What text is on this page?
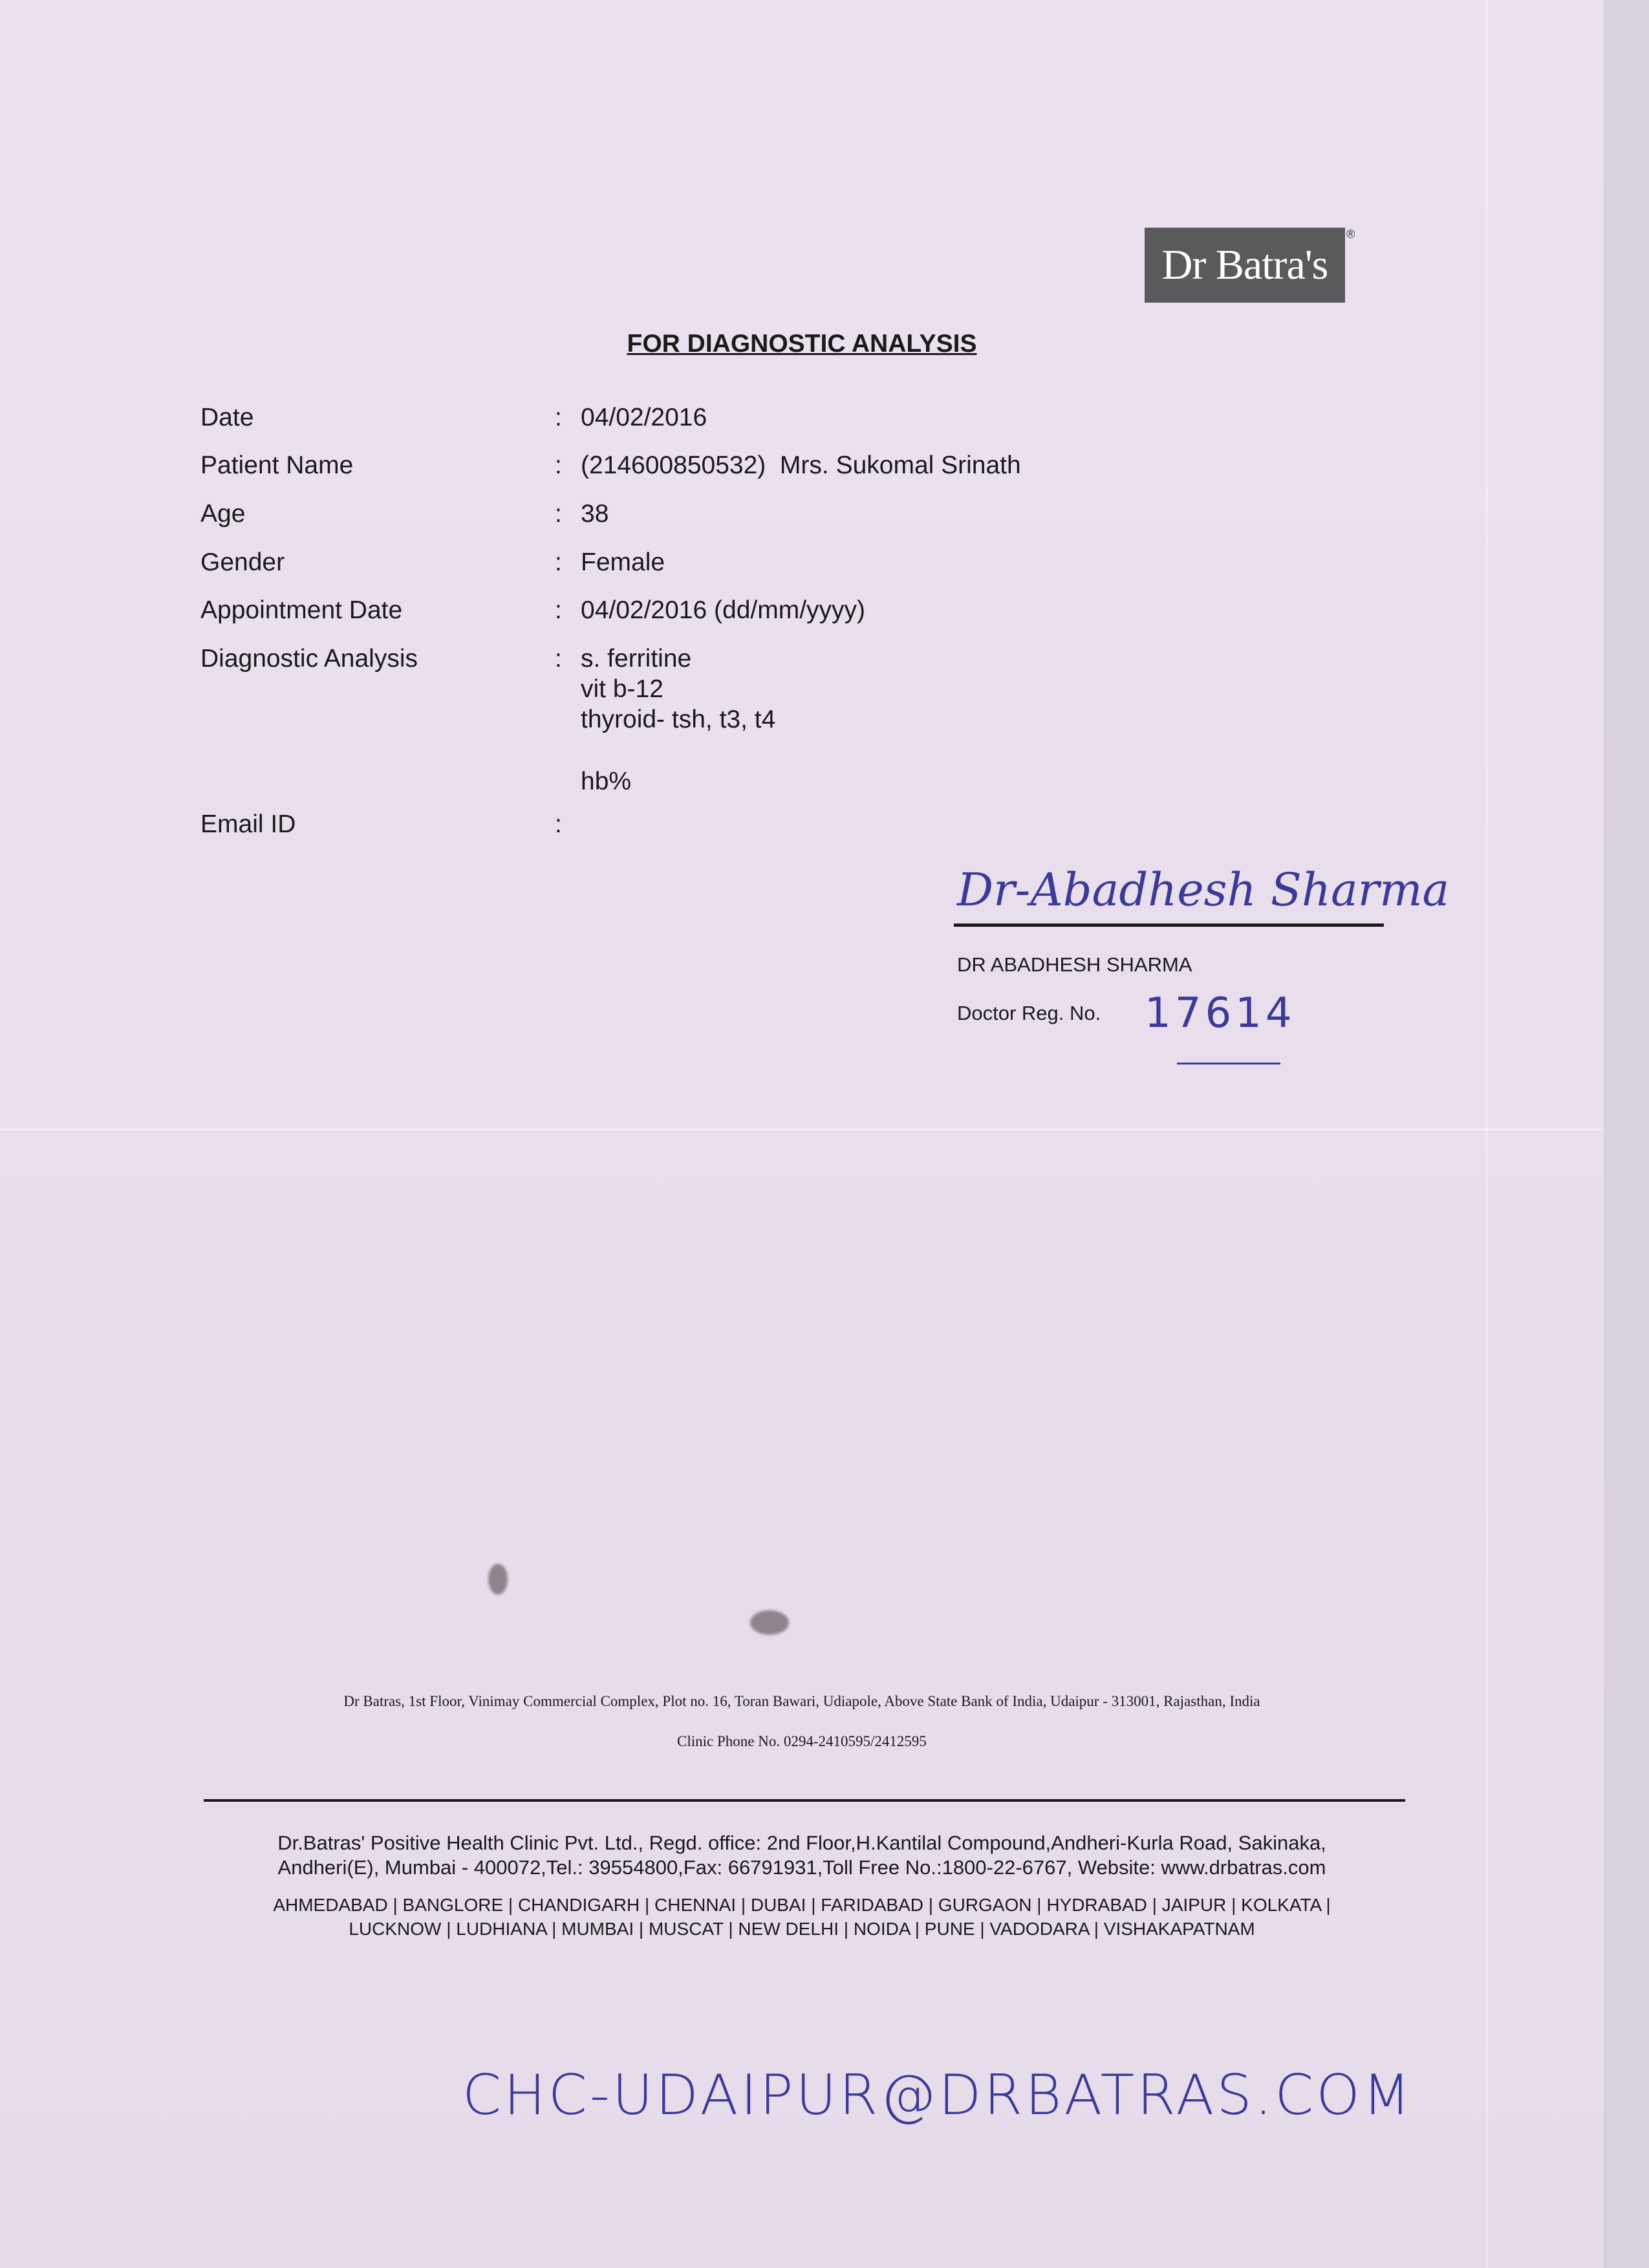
Dr Batra's
®
FOR DIAGNOSTIC ANALYSIS
Date	: 04/02/2016
Patient Name	: (214600850532)  Mrs. Sukomal Srinath
Age	: 38
Gender	: Female
Appointment Date	: 04/02/2016 (dd/mm/yyyy)
Diagnostic Analysis	: s. ferritine
vit b-12
thyroid- tsh, t3, t4
hb%
Email ID	:
Dr-Abadhesh Sharma
DR ABADHESH SHARMA
Doctor Reg. No. 17614
Dr Batras, 1st Floor, Vinimay Commercial Complex, Plot no. 16, Toran Bawari, Udiapole, Above State Bank of India, Udaipur - 313001, Rajasthan, India
Clinic Phone No. 0294-2410595/2412595
Dr.Batras' Positive Health Clinic Pvt. Ltd., Regd. office: 2nd Floor,H.Kantilal Compound,Andheri-Kurla Road, Sakinaka,
Andheri(E), Mumbai - 400072,Tel.: 39554800,Fax: 66791931,Toll Free No.:1800-22-6767, Website: www.drbatras.com
AHMEDABAD | BANGLORE | CHANDIGARH | CHENNAI | DUBAI | FARIDABAD | GURGAON | HYDRABAD | JAIPUR | KOLKATA |
LUCKNOW | LUDHIANA | MUMBAI | MUSCAT | NEW DELHI | NOIDA | PUNE | VADODARA | VISHAKAPATNAM
CHC-UDAIPUR@DRBATRAS.COM
